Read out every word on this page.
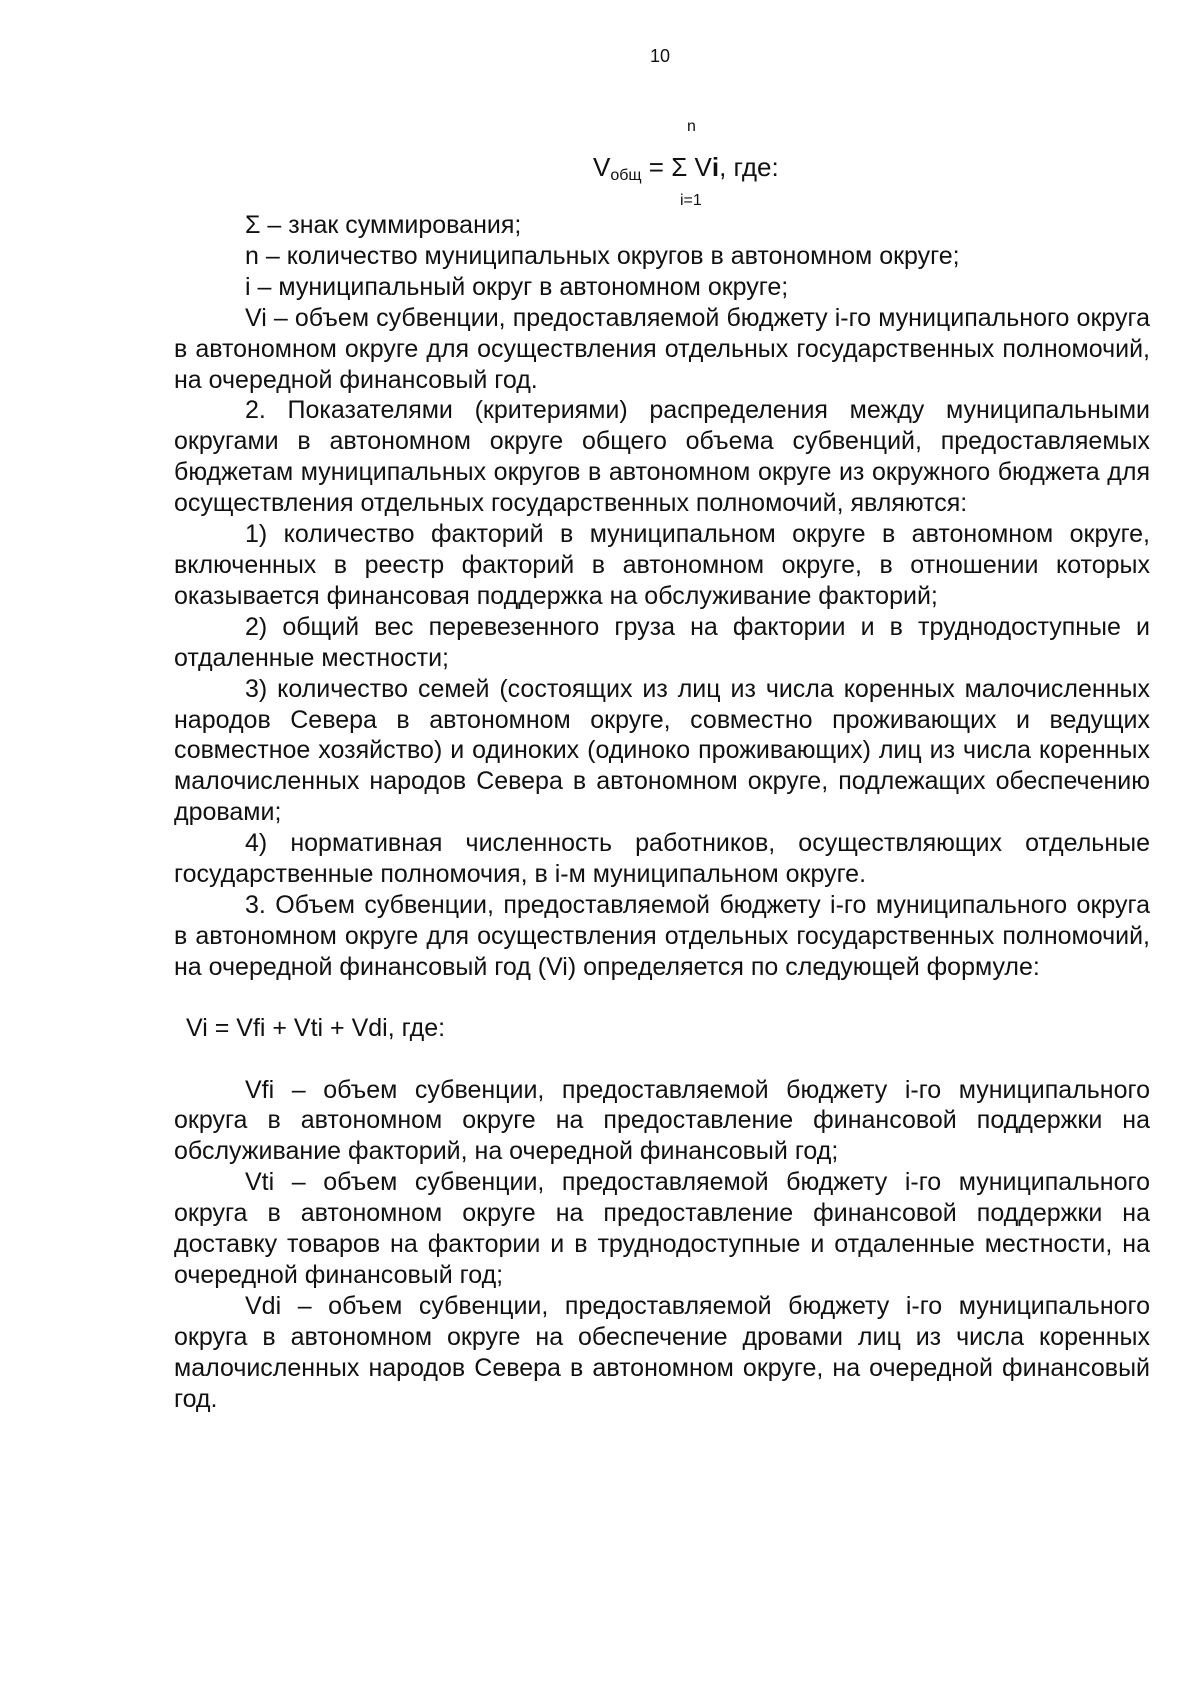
10
n
$V_{общ} = \Sigma$ Vi, где:
i=1

Σ – знак суммирования;

n – количество муниципальных округов в автономном округе;

i – муниципальный округ в автономном округе;

Vi – объем субвенции, предоставляемой бюджету i-го муниципального округа в автономном округе для осуществления отдельных государственных полномочий, на очередной финансовый год.

2. Показателями (критериями) распределения между муниципальными округами в автономном округе общего объема субвенций, предоставляемых бюджетам муниципальных округов в автономном округе из окружного бюджета для осуществления отдельных государственных полномочий, являются:

1) количество факторий в муниципальном округе в автономном округе, включенных в реестр факторий в автономном округе, в отношении которых оказывается финансовая поддержка на обслуживание факторий;

2) общий вес перевезенного груза на фактории и в труднодоступные и отдаленные местности;

3) количество семей (состоящих из лиц из числа коренных малочисленных народов Севера в автономном округе, совместно проживающих и ведущих совместное хозяйство) и одиноких (одиноко проживающих) лиц из числа коренных малочисленных народов Севера в автономном округе, подлежащих обеспечению дровами;

4) нормативная численность работников, осуществляющих отдельные государственные полномочия, в i-м муниципальном округе.

3. Объем субвенции, предоставляемой бюджету i-го муниципального округа в автономном округе для осуществления отдельных государственных полномочий, на очередной финансовый год (Vi) определяется по следующей формуле:

Vi = Vfi + Vti + Vdi, где:

Vfi – объем субвенции, предоставляемой бюджету i-го муниципального округа в автономном округе на предоставление финансовой поддержки на обслуживание факторий, на очередной финансовый год;

Vti – объем субвенции, предоставляемой бюджету i-го муниципального округа в автономном округе на предоставление финансовой поддержки на доставку товаров на фактории и в труднодоступные и отдаленные местности, на очередной финансовый год;

Vdi – объем субвенции, предоставляемой бюджету i-го муниципального округа в автономном округе на обеспечение дровами лиц из числа коренных малочисленных народов Севера в автономном округе, на очередной финансовый год.
